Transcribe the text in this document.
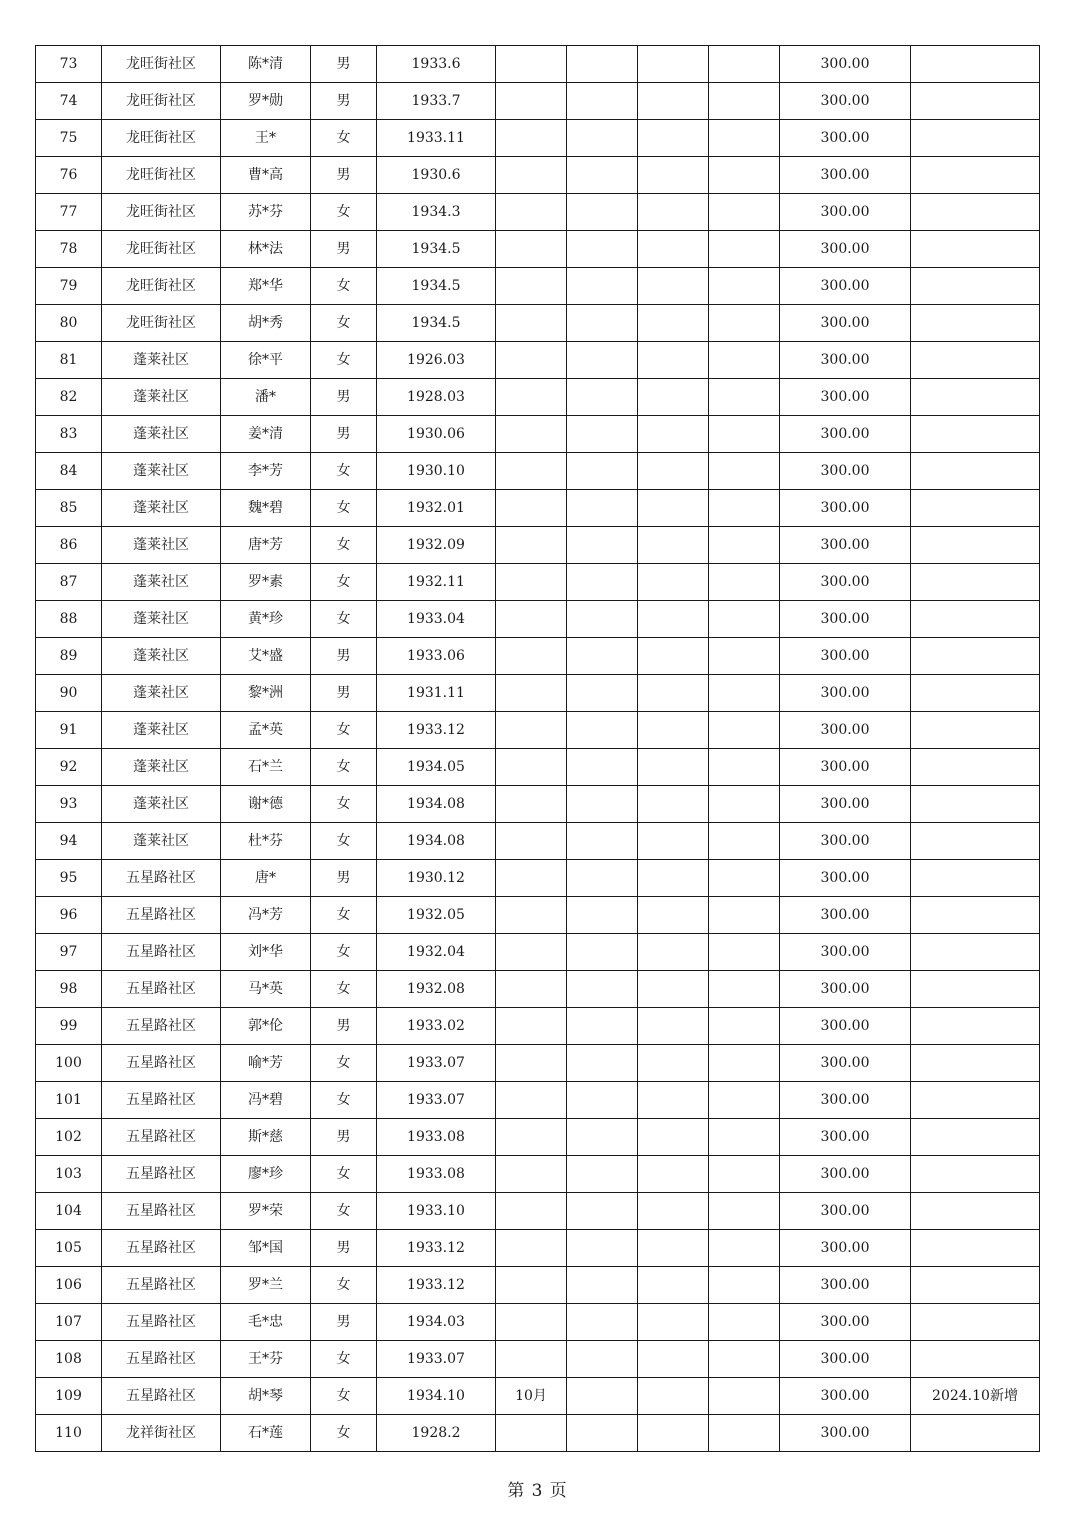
73	龙旺街社区	陈*清	男	1933.6					300.00	
74	龙旺街社区	罗*勋	男	1933.7					300.00	
75	龙旺街社区	王*	女	1933.11					300.00	
76	龙旺街社区	曹*高	男	1930.6					300.00	
77	龙旺街社区	苏*芬	女	1934.3					300.00	
78	龙旺街社区	林*法	男	1934.5					300.00	
79	龙旺街社区	郑*华	女	1934.5					300.00	
80	龙旺街社区	胡*秀	女	1934.5					300.00	
81	蓬莱社区	徐*平	女	1926.03					300.00	
82	蓬莱社区	潘*	男	1928.03					300.00	
83	蓬莱社区	姜*清	男	1930.06					300.00	
84	蓬莱社区	李*芳	女	1930.10					300.00	
85	蓬莱社区	魏*碧	女	1932.01					300.00	
86	蓬莱社区	唐*芳	女	1932.09					300.00	
87	蓬莱社区	罗*素	女	1932.11					300.00	
88	蓬莱社区	黄*珍	女	1933.04					300.00	
89	蓬莱社区	艾*盛	男	1933.06					300.00	
90	蓬莱社区	黎*洲	男	1931.11					300.00	
91	蓬莱社区	孟*英	女	1933.12					300.00	
92	蓬莱社区	石*兰	女	1934.05					300.00	
93	蓬莱社区	谢*德	女	1934.08					300.00	
94	蓬莱社区	杜*芬	女	1934.08					300.00	
95	五星路社区	唐*	男	1930.12					300.00	
96	五星路社区	冯*芳	女	1932.05					300.00	
97	五星路社区	刘*华	女	1932.04					300.00	
98	五星路社区	马*英	女	1932.08					300.00	
99	五星路社区	郭*伦	男	1933.02					300.00	
100	五星路社区	喻*芳	女	1933.07					300.00	
101	五星路社区	冯*碧	女	1933.07					300.00	
102	五星路社区	斯*慈	男	1933.08					300.00	
103	五星路社区	廖*珍	女	1933.08					300.00	
104	五星路社区	罗*荣	女	1933.10					300.00	
105	五星路社区	邹*国	男	1933.12					300.00	
106	五星路社区	罗*兰	女	1933.12					300.00	
107	五星路社区	毛*忠	男	1934.03					300.00	
108	五星路社区	王*芬	女	1933.07					300.00	
109	五星路社区	胡*琴	女	1934.10	10月				300.00	2024.10新增
110	龙祥街社区	石*莲	女	1928.2					300.00	
第 3 页
